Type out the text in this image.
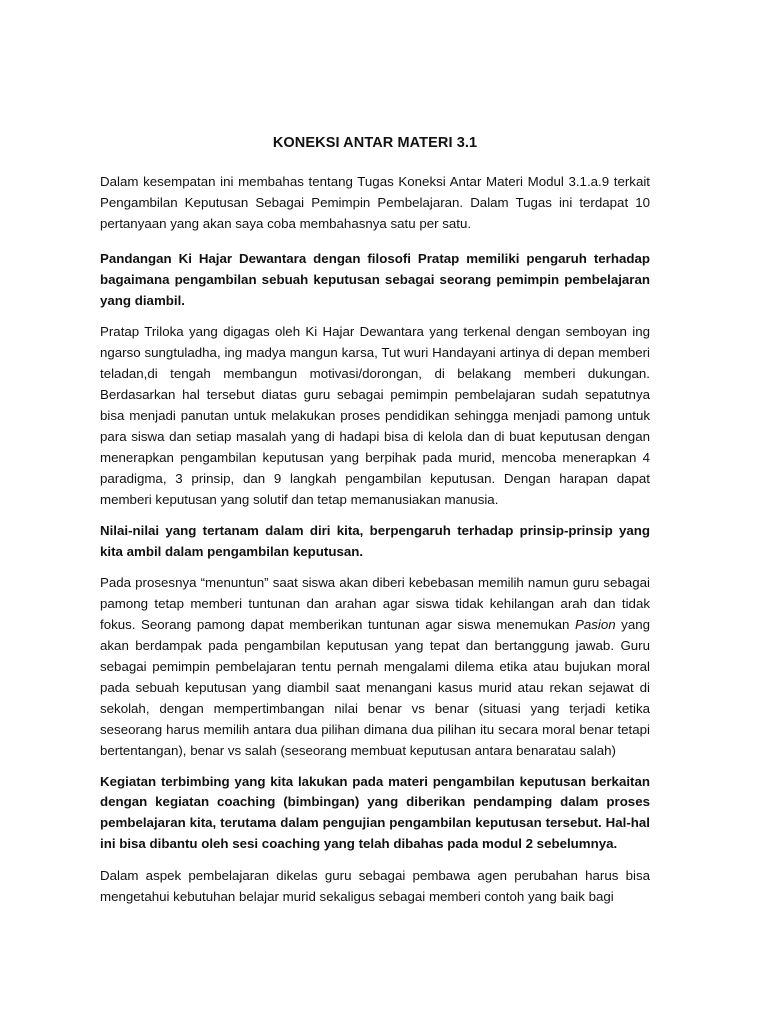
KONEKSI ANTAR MATERI 3.1

Dalam kesempatan ini membahas tentang Tugas Koneksi Antar Materi Modul 3.1.a.9 terkait Pengambilan Keputusan Sebagai Pemimpin Pembelajaran. Dalam Tugas ini terdapat 10 pertanyaan yang akan saya coba membahasnya satu per satu.

Pandangan Ki Hajar Dewantara dengan filosofi Pratap memiliki pengaruh terhadap bagaimana pengambilan sebuah keputusan sebagai seorang pemimpin pembelajaran yang diambil.

Pratap Triloka yang digagas oleh Ki Hajar Dewantara yang terkenal dengan semboyan ing ngarso sungtuladha, ing madya mangun karsa, Tut wuri Handayani artinya di depan memberi teladan,di tengah membangun motivasi/dorongan, di belakang memberi dukungan. Berdasarkan hal tersebut diatas guru sebagai pemimpin pembelajaran sudah sepatutnya bisa menjadi panutan untuk melakukan proses pendidikan sehingga menjadi pamong untuk para siswa dan setiap masalah yang di hadapi bisa di kelola dan di buat keputusan dengan menerapkan pengambilan keputusan yang berpihak pada murid, mencoba menerapkan 4 paradigma, 3 prinsip, dan 9 langkah pengambilan keputusan. Dengan harapan dapat memberi keputusan yang solutif dan tetap memanusiakan manusia.

Nilai-nilai yang tertanam dalam diri kita, berpengaruh terhadap prinsip-prinsip yang kita ambil dalam pengambilan keputusan.

Pada prosesnya “menuntun” saat siswa akan diberi kebebasan memilih namun guru sebagai pamong tetap memberi tuntunan dan arahan agar siswa tidak kehilangan arah dan tidak fokus. Seorang pamong dapat memberikan tuntunan agar siswa menemukan Pasion yang akan berdampak pada pengambilan keputusan yang tepat dan bertanggung jawab. Guru sebagai pemimpin pembelajaran tentu pernah mengalami dilema etika atau bujukan moral pada sebuah keputusan yang diambil saat menangani kasus murid atau rekan sejawat di sekolah, dengan mempertimbangan nilai benar vs benar (situasi yang terjadi ketika seseorang harus memilih antara dua pilihan dimana dua pilihan itu secara moral benar tetapi bertentangan), benar vs salah (seseorang membuat keputusan antara benaratau salah)

Kegiatan terbimbing yang kita lakukan pada materi pengambilan keputusan berkaitan dengan kegiatan coaching (bimbingan) yang diberikan pendamping dalam proses pembelajaran kita, terutama dalam pengujian pengambilan keputusan tersebut. Hal-hal ini bisa dibantu oleh sesi coaching yang telah dibahas pada modul 2 sebelumnya.

Dalam aspek pembelajaran dikelas guru sebagai pembawa agen perubahan harus bisa mengetahui kebutuhan belajar murid sekaligus sebagai memberi contoh yang baik bagi
